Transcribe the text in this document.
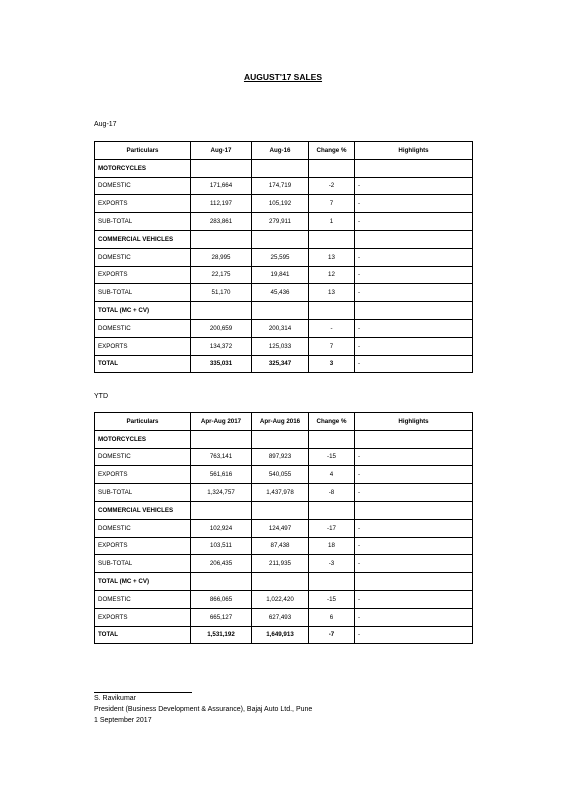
AUGUST'17 SALES
Aug-17
Particulars	Aug-17	Aug-16	Change %	Highlights
MOTORCYCLES				
DOMESTIC	171,664	174,719	-2	-
EXPORTS	112,197	105,192	7	-
SUB-TOTAL	283,861	279,911	1	-
COMMERCIAL VEHICLES				
DOMESTIC	28,995	25,595	13	-
EXPORTS	22,175	19,841	12	-
SUB-TOTAL	51,170	45,436	13	-
TOTAL (MC + CV)				
DOMESTIC	200,659	200,314	-	-
EXPORTS	134,372	125,033	7	-
TOTAL	335,031	325,347	3	-
YTD
Particulars	Apr-Aug 2017	Apr-Aug 2016	Change %	Highlights
MOTORCYCLES				
DOMESTIC	763,141	897,923	-15	-
EXPORTS	561,616	540,055	4	-
SUB-TOTAL	1,324,757	1,437,978	-8	-
COMMERCIAL VEHICLES				
DOMESTIC	102,924	124,497	-17	-
EXPORTS	103,511	87,438	18	-
SUB-TOTAL	206,435	211,935	-3	-
TOTAL (MC + CV)				
DOMESTIC	866,065	1,022,420	-15	-
EXPORTS	665,127	627,493	6	-
TOTAL	1,531,192	1,649,913	-7	-
S. Ravikumar
President (Business Development & Assurance), Bajaj Auto Ltd., Pune
1 September 2017
